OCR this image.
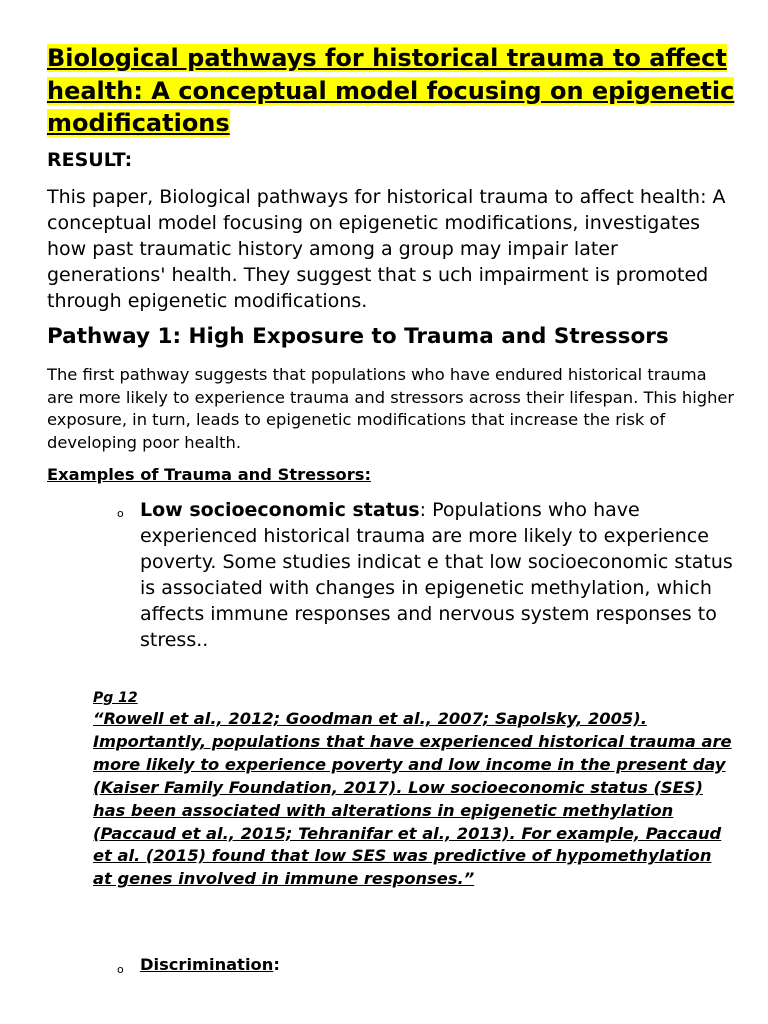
Biological pathways for historical trauma to affect health: A conceptual model focusing on epigenetic modifications

RESULT:

This paper, Biological pathways for historical trauma to affect health: A conceptual model focusing on epigenetic modifications, investigates how past traumatic history among a group may impair later generations' health. They suggest that s uch impairment is promoted through epigenetic modifications.

Pathway 1: High Exposure to Trauma and Stressors

The first pathway suggests that populations who have endured historical trauma are more likely to experience trauma and stressors across their lifespan. This higher exposure, in turn, leads to epigenetic modifications that increase the risk of developing poor health.

Examples of Trauma and Stressors:

o Low socioeconomic status: Populations who have experienced historical trauma are more likely to experience poverty. Some studies indicat e that low socioeconomic status is associated with changes in epigenetic methylation, which affects immune responses and nervous system responses to stress..

Pg 12

“Rowell et al., 2012; Goodman et al., 2007; Sapolsky, 2005). Importantly, populations that have experienced historical trauma are more likely to experience poverty and low income in the present day (Kaiser Family Foundation, 2017). Low socioeconomic status (SES) has been associated with alterations in epigenetic methylation (Paccaud et al., 2015; Tehranifar et al., 2013). For example, Paccaud et al. (2015) found that low SES was predictive of hypomethylation at genes involved in immune responses.”

o Discrimination:
